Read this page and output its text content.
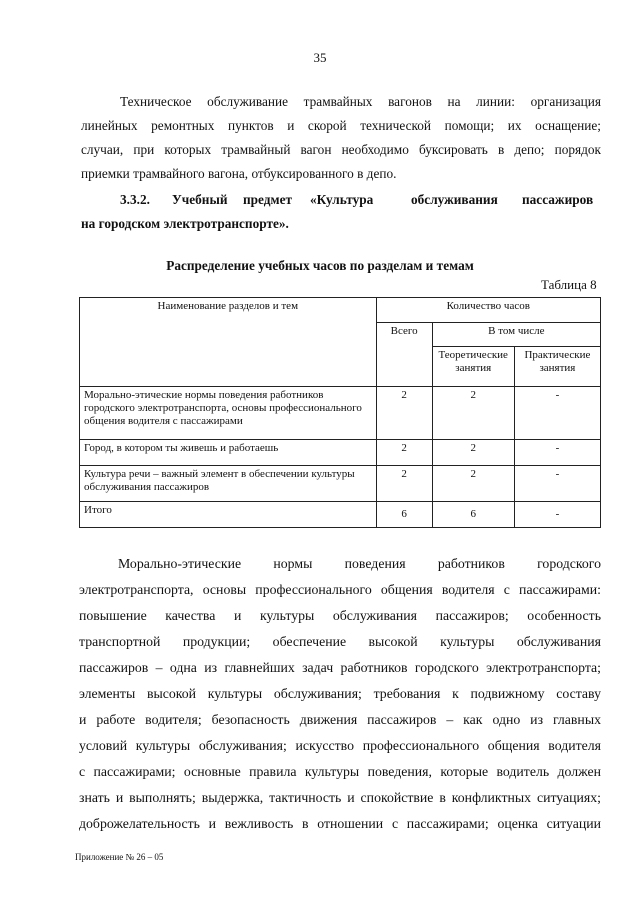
35
Техническое обслуживание трамвайных вагонов на линии: организация
линейных ремонтных пунктов и скорой технической помощи; их оснащение;
случаи, при которых трамвайный вагон необходимо буксировать в депо; порядок
приемки трамвайного вагона, отбуксированного в депо.
3.3.2. Учебный предмет «Культура	обслуживания пассажиров
на городском электротранспорте».
Распределение учебных часов по разделам и темам
Таблица 8
Наименование разделов и тем	Количество часов		
	Всего	В том числе	
		Теоретические занятия	Практические занятия
Морально-этические нормы поведения работников городского электротранспорта, основы профессионального общения водителя с пассажирами	2	2	-
Город, в котором ты живешь и работаешь	2	2	-
Культура речи – важный элемент в обеспечении культуры обслуживания пассажиров	2	2	-
Итого	6	6	-
Морально-этические нормы поведения работников городского
электротранспорта, основы профессионального общения водителя с пассажирами:
повышение качества и культуры обслуживания пассажиров; особенность
транспортной продукции; обеспечение высокой культуры обслуживания
пассажиров – одна из главнейших задач работников городского электротранспорта;
элементы высокой культуры обслуживания; требования к подвижному составу
и работе водителя; безопасность движения пассажиров – как одно из главных
условий культуры обслуживания; искусство профессионального общения водителя
с пассажирами; основные правила культуры поведения, которые водитель должен
знать и выполнять; выдержка, тактичность и спокойствие в конфликтных ситуациях;
доброжелательность и вежливость в отношении с пассажирами; оценка ситуации
Приложение № 26 – 05
